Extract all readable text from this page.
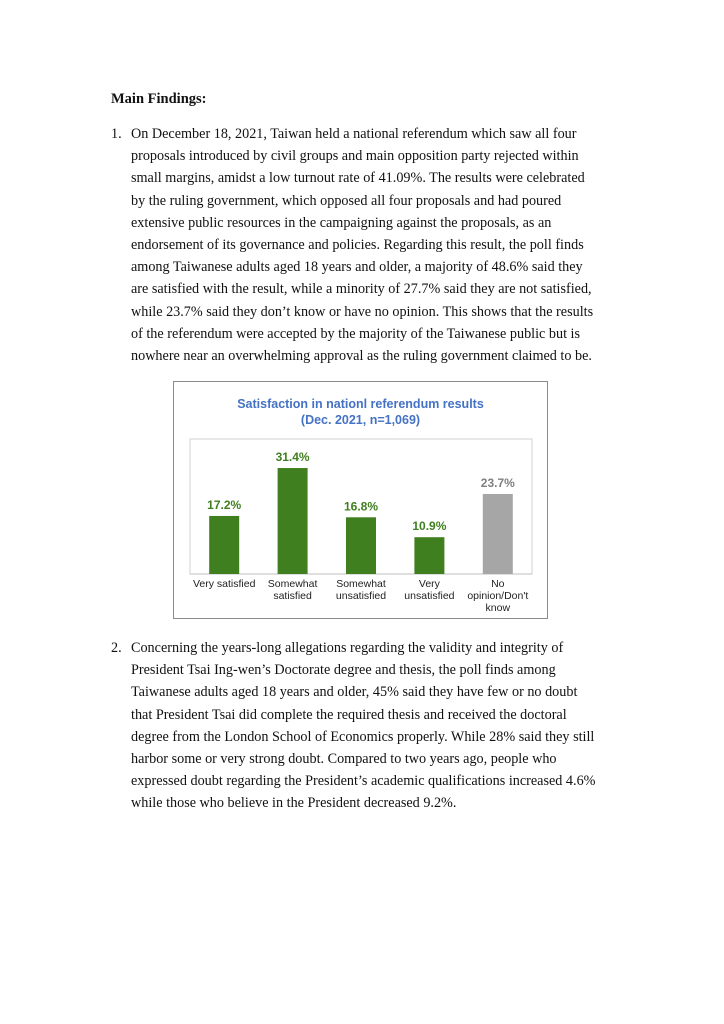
Main Findings:
1. On December 18, 2021, Taiwan held a national referendum which saw all four
proposals introduced by civil groups and main opposition party rejected within
small margins, amidst a low turnout rate of 41.09%. The results were celebrated
by the ruling government, which opposed all four proposals and had poured
extensive public resources in the campaigning against the proposals, as an
endorsement of its governance and policies. Regarding this result, the poll finds
among Taiwanese adults aged 18 years and older, a majority of 48.6% said they
are satisfied with the result, while a minority of 27.7% said they are not satisfied,
while 23.7% said they don’t know or have no opinion. This shows that the results
of the referendum were accepted by the majority of the Taiwanese public but is
nowhere near an overwhelming approval as the ruling government claimed to be.
Satisfaction in nationl referendum results
(Dec. 2021, n=1,069)
17.2%
Very satisfied
31.4%
Somewhat
satisfied
16.8%
Somewhat
unsatisfied
10.9%
Very
unsatisfied
23.7%
No
opinion/Don't
know
2. Concerning the years-long allegations regarding the validity and integrity of
President Tsai Ing-wen’s Doctorate degree and thesis, the poll finds among
Taiwanese adults aged 18 years and older, 45% said they have few or no doubt
that President Tsai did complete the required thesis and received the doctoral
degree from the London School of Economics properly. While 28% said they still
harbor some or very strong doubt. Compared to two years ago, people who
expressed doubt regarding the President’s academic qualifications increased 4.6%
while those who believe in the President decreased 9.2%.
